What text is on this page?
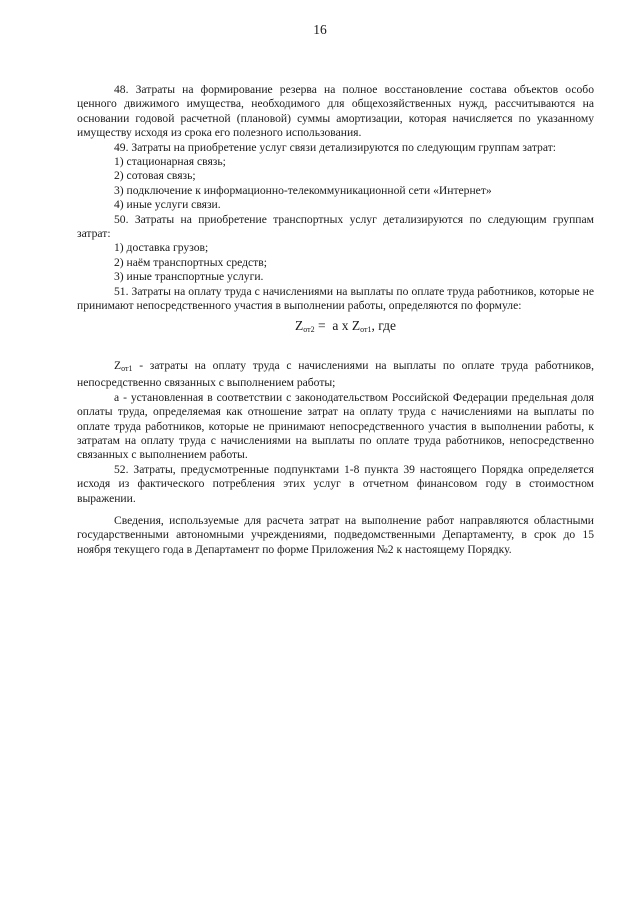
16

48. Затраты на формирование резерва на полное восстановление состава объектов особо ценного движимого имущества, необходимого для общехозяйственных нужд, рассчитываются на основании годовой расчетной (плановой) суммы амортизации, которая начисляется по указанному имуществу исходя из срока его полезного использования.

49. Затраты на приобретение услуг связи детализируются по следующим группам затрат:

1) стационарная связь;

2) сотовая связь;

3) подключение к информационно-телекоммуникационной сети «Интернет»

4) иные услуги связи.

50. Затраты на приобретение транспортных услуг детализируются по следующим группам затрат:

1) доставка грузов;

2) наём транспортных средств;

3) иные транспортные услуги.

51. Затраты на оплату труда с начислениями на выплаты по оплате труда работников, которые не принимают непосредственного участия в выполнении работы, определяются по формуле:

$Z_{от2} = a$ x $Z_{от1}$, где

Zот1 - затраты на оплату труда с начислениями на выплаты по оплате труда работников, непосредственно связанных с выполнением работы;

a - установленная в соответствии с законодательством Российской Федерации предельная доля оплаты труда, определяемая как отношение затрат на оплату труда с начислениями на выплаты по оплате труда работников, которые не принимают непосредственного участия в выполнении работы, к затратам на оплату труда с начислениями на выплаты по оплате труда работников, непосредственно связанных с выполнением работы.

52. Затраты, предусмотренные подпунктами 1-8 пункта 39 настоящего Порядка определяется исходя из фактического потребления этих услуг в отчетном финансовом году в стоимостном выражении.

Сведения, используемые для расчета затрат на выполнение работ направляются областными государственными автономными учреждениями, подведомственными Департаменту, в срок до 15 ноября текущего года в Департамент по форме Приложения №2 к настоящему Порядку.
